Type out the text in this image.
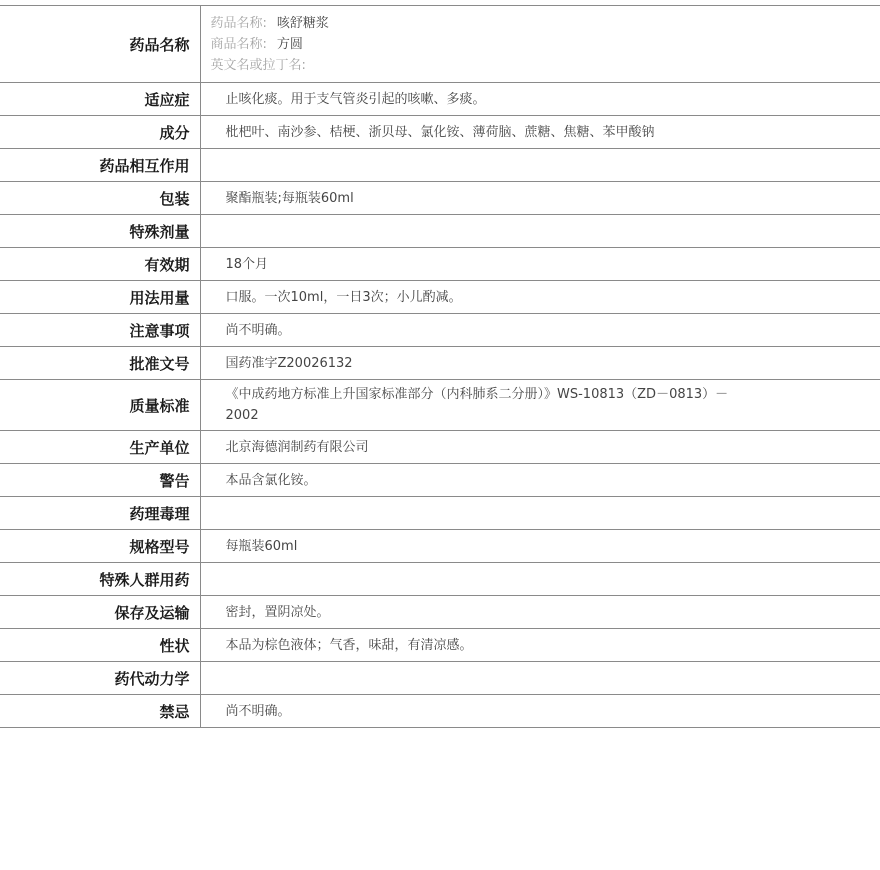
药品名称	药品名称: 咳舒糖浆
商品名称: 方圆
英文名或拉丁名:

适应症	止咳化痰。用于支气管炎引起的咳嗽、多痰。

成分	枇杷叶、南沙参、桔梗、浙贝母、氯化铵、薄荷脑、蔗糖、焦糖、苯甲酸钠
药品相互作用	
包装	聚酯瓶装;每瓶装60ml
特殊剂量	
有效期	18个月
用法用量	口服。一次10ml，一日3次；小儿酌减。
注意事项	尚不明确。
批准文号	国药准字Z20026132
质量标准	《中成药地方标准上升国家标准部分（内科肺系二分册）》WS-10813（ZD－0813）－2002

生产单位	北京海德润制药有限公司
警告	本品含氯化铵。
药理毒理	
规格型号	每瓶装60ml
特殊人群用药	
保存及运输	密封，置阴凉处。
性状	本品为棕色液体；气香，味甜，有清凉感。
药代动力学	
禁忌	尚不明确。
